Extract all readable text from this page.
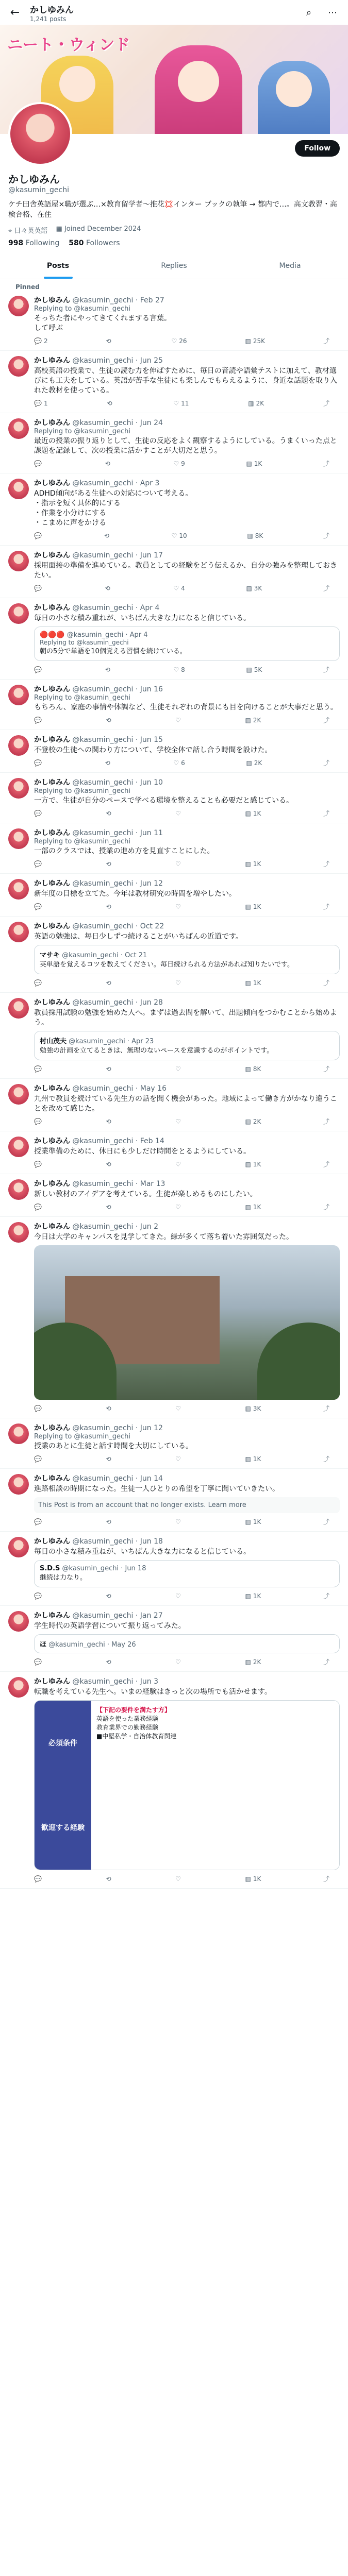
←	かしゆみん
1,241 posts
⌕	⋯
ニート・ウィンド
Follow
かしゆみん
@kasumin_gechi
ケチ田舎英語屋×職が選ぶ…×教育留学者～推花💢インター ブックの執筆 → 都内で…。高文教習・高検合格、在住
⌖ 日々英英語 ▦ Joined December 2024
998 Following 580 Followers
Posts	Replies	Media
Pinned
かしゆみん @kasumin_gechi · Feb 27
Replying to @kasumin_gechi
そっちた者にやってきてくれまする言葉。
して呼ぶ
💬 2	⟲	♡ 26	▥ 25K	⤴
かしゆみん @kasumin_gechi · Jun 25
高校英語の授業で、生徒の読む力を伸ばすために、毎日の音読や語彙テストに加えて、教材選びにも工夫をしている。英語が苦手な生徒にも楽しんでもらえるように、身近な話題を取り入れた教材を使っている。
💬 1	⟲	♡ 11	▥ 2K	⤴
かしゆみん @kasumin_gechi · Jun 24
Replying to @kasumin_gechi
最近の授業の振り返りとして、生徒の反応をよく観察するようにしている。うまくいった点と課題を記録して、次の授業に活かすことが大切だと思う。
💬	⟲	♡ 9	▥ 1K	⤴
かしゆみん @kasumin_gechi · Apr 3
ADHD傾向がある生徒への対応について考える。
・指示を短く具体的にする
・作業を小分けにする
・こまめに声をかける
💬	⟲	♡ 10	▥ 8K	⤴
かしゆみん @kasumin_gechi · Jun 17
採用面接の準備を進めている。教員としての経験をどう伝えるか、自分の強みを整理しておきたい。
💬	⟲	♡ 4	▥ 3K	⤴
かしゆみん @kasumin_gechi · Apr 4
毎日の小さな積み重ねが、いちばん大きな力になると信じている。
🔴🔴🔴 @kasumin_gechi · Apr 4
Replying to @kasumin_gechi
朝の5分で単語を10個覚える習慣を続けている。
💬	⟲	♡ 8	▥ 5K	⤴
かしゆみん @kasumin_gechi · Jun 16
Replying to @kasumin_gechi
もちろん、家庭の事情や体調など、生徒それぞれの背景にも目を向けることが大事だと思う。
💬	⟲	♡	▥ 2K	⤴
かしゆみん @kasumin_gechi · Jun 15
不登校の生徒への関わり方について、学校全体で話し合う時間を設けた。
💬	⟲	♡ 6	▥ 2K	⤴
かしゆみん @kasumin_gechi · Jun 10
Replying to @kasumin_gechi
一方で、生徒が自分のペースで学べる環境を整えることも必要だと感じている。
💬	⟲	♡	▥ 1K	⤴
かしゆみん @kasumin_gechi · Jun 11
Replying to @kasumin_gechi
一部のクラスでは、授業の進め方を見直すことにした。
💬	⟲	♡	▥ 1K	⤴
かしゆみん @kasumin_gechi · Jun 12
新年度の目標を立てた。今年は教材研究の時間を増やしたい。
💬	⟲	♡	▥ 1K	⤴
かしゆみん @kasumin_gechi · Oct 22
英語の勉強は、毎日少しずつ続けることがいちばんの近道です。
マサキ @kasumin_gechi · Oct 21
英単語を覚えるコツを教えてください。毎日続けられる方法があれば知りたいです。
💬	⟲	♡	▥ 1K	⤴
かしゆみん @kasumin_gechi · Jun 28
教員採用試験の勉強を始めた人へ。まずは過去問を解いて、出題傾向をつかむことから始めよう。
村山茂夫 @kasumin_gechi · Apr 23
勉強の計画を立てるときは、無理のないペースを意識するのがポイントです。
💬	⟲	♡	▥ 8K	⤴
かしゆみん @kasumin_gechi · May 16
九州で教員を続けている先生方の話を聞く機会があった。地域によって働き方がかなり違うことを改めて感じた。
💬	⟲	♡	▥ 2K	⤴
かしゆみん @kasumin_gechi · Feb 14
授業準備のために、休日にも少しだけ時間をとるようにしている。
💬	⟲	♡	▥ 1K	⤴
かしゆみん @kasumin_gechi · Mar 13
新しい教材のアイデアを考えている。生徒が楽しめるものにしたい。
💬	⟲	♡	▥ 1K	⤴
かしゆみん @kasumin_gechi · Jun 2
今日は大学のキャンパスを見学してきた。緑が多くて落ち着いた雰囲気だった。
💬	⟲	♡	▥ 3K	⤴
かしゆみん @kasumin_gechi · Jun 12
Replying to @kasumin_gechi
授業のあとに生徒と話す時間を大切にしている。
💬	⟲	♡	▥ 1K	⤴
かしゆみん @kasumin_gechi · Jun 14
進路相談の時期になった。生徒一人ひとりの希望を丁寧に聞いていきたい。
This Post is from an account that no longer exists. Learn more
💬	⟲	♡	▥ 1K	⤴
かしゆみん @kasumin_gechi · Jun 18
毎日の小さな積み重ねが、いちばん大きな力になると信じている。
S.D.S @kasumin_gechi · Jun 18
継続は力なり。
💬	⟲	♡	▥ 1K	⤴
かしゆみん @kasumin_gechi · Jan 27
学生時代の英語学習について振り返ってみた。
ほ @kasumin_gechi · May 26
💬	⟲	♡	▥ 2K	⤴
かしゆみん @kasumin_gechi · Jun 3
転職を考えている先生へ。いまの経験はきっと次の場所でも活かせます。
必須条件
歓迎する経験
【下記の要件を満たす方】
英語を使った業務経験
教育業界での勤務経験
■中堅私学・自治体教育関連
💬	⟲	♡	▥ 1K	⤴
